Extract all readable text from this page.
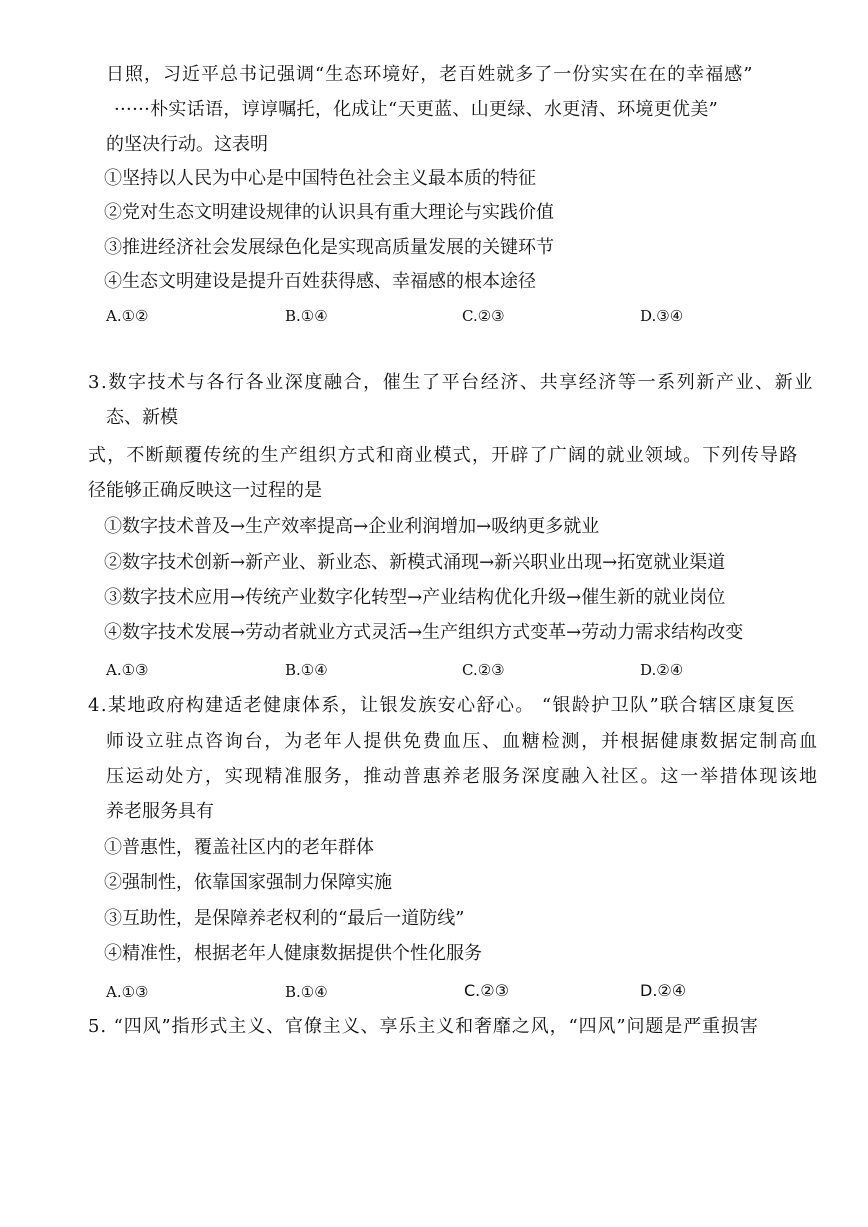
日照，习近平总书记强调“生态环境好，老百姓就多了一份实实在在的幸福感”
······朴实话语，谆谆嘱托，化成让“天更蓝、山更绿、水更清、环境更优美”
的坚决行动。这表明
①坚持以人民为中心是中国特色社会主义最本质的特征
②党对生态文明建设规律的认识具有重大理论与实践价值
③推进经济社会发展绿色化是实现高质量发展的关键环节
④生态文明建设是提升百姓获得感、幸福感的根本途径
A.①②	B.①④	C.②③	D.③④
3.数字技术与各行各业深度融合，催生了平台经济、共享经济等一系列新产业、新业
态、新模
式，不断颠覆传统的生产组织方式和商业模式，开辟了广阔的就业领域。下列传导路
径能够正确反映这一过程的是
①数字技术普及→生产效率提高→企业利润增加→吸纳更多就业
②数字技术创新→新产业、新业态、新模式涌现→新兴职业出现→拓宽就业渠道
③数字技术应用→传统产业数字化转型→产业结构优化升级→催生新的就业岗位
④数字技术发展→劳动者就业方式灵活→生产组织方式变革→劳动力需求结构改变
A.①③	B.①④	C.②③	D.②④
4.某地政府构建适老健康体系，让银发族安心舒心。 “银龄护卫队”联合辖区康复医
师设立驻点咨询台，为老年人提供免费血压、血糖检测，并根据健康数据定制高血
压运动处方，实现精准服务，推动普惠养老服务深度融入社区。这一举措体现该地
养老服务具有
①普惠性，覆盖社区内的老年群体
②强制性，依靠国家强制力保障实施
③互助性，是保障养老权利的“最后一道防线”
④精准性，根据老年人健康数据提供个性化服务
A.①③	B.①④	C.②③	D.②④
5. “四风”指形式主义、官僚主义、享乐主义和奢靡之风，“四风”问题是严重损害
